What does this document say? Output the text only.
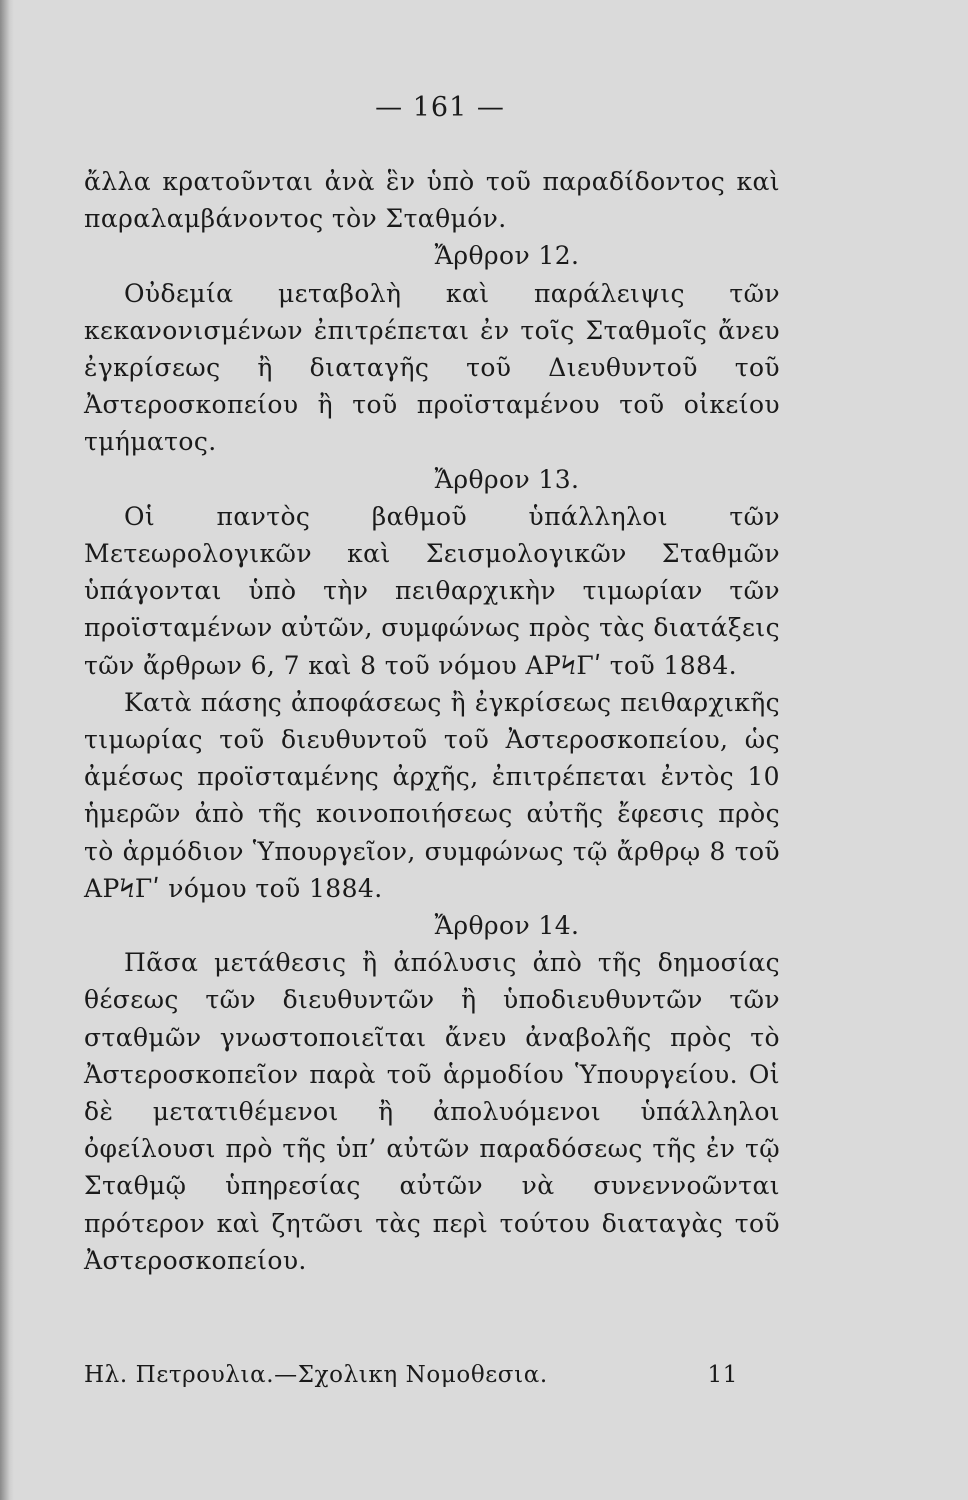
— 161 —

ἄλλα κρατοῦνται ἀνὰ ἓν ὑπὸ τοῦ παραδίδοντος καὶ παραλαμβάνοντος τὸν Σταθμόν.

Ἄρθρον 12.

Οὐδεμία μεταβολὴ καὶ παράλειψις τῶν κεκανονισμένων ἐπιτρέπεται ἐν τοῖς Σταθμοῖς ἄνευ ἐγκρίσεως ἢ διαταγῆς τοῦ Διευθυντοῦ τοῦ Ἀστεροσκοπείου ἢ τοῦ προϊσταμένου τοῦ οἰκείου τμήματος.

Ἄρθρον 13.

Οἱ παντὸς βαθμοῦ ὑπάλληλοι τῶν Μετεωρολογικῶν καὶ Σεισμολογικῶν Σταθμῶν ὑπάγονται ὑπὸ τὴν πειθαρχικὴν τιμωρίαν τῶν προϊσταμένων αὐτῶν, συμφώνως πρὸς τὰς διατάξεις τῶν ἄρθρων 6, 7 καὶ 8 τοῦ νόμου ΑΡϞΓʹ τοῦ 1884.

Κατὰ πάσης ἀποφάσεως ἢ ἐγκρίσεως πειθαρχικῆς τιμωρίας τοῦ διευθυντοῦ τοῦ Ἀστεροσκοπείου, ὡς ἀμέσως προϊσταμένης ἀρχῆς, ἐπιτρέπεται ἐντὸς 10 ἡμερῶν ἀπὸ τῆς κοινοποιήσεως αὐτῆς ἔφεσις πρὸς τὸ ἁρμόδιον Ὑπουργεῖον, συμφώνως τῷ ἄρθρῳ 8 τοῦ ΑΡϞΓʹ νόμου τοῦ 1884.

Ἄρθρον 14.

Πᾶσα μετάθεσις ἢ ἀπόλυσις ἀπὸ τῆς δημοσίας θέσεως τῶν διευθυντῶν ἢ ὑποδιευθυντῶν τῶν σταθμῶν γνωστοποιεῖται ἄνευ ἀναβολῆς πρὸς τὸ Ἀστεροσκοπεῖον παρὰ τοῦ ἁρμοδίου Ὑπουργείου. Οἱ δὲ μετατιθέμενοι ἢ ἀπολυόμενοι ὑπάλληλοι ὀφείλουσι πρὸ τῆς ὑπ’ αὐτῶν παραδόσεως τῆς ἐν τῷ Σταθμῷ ὑπηρεσίας αὐτῶν νὰ συνεννοῶνται πρότερον καὶ ζητῶσι τὰς περὶ τούτου διαταγὰς τοῦ Ἀστεροσκοπείου.

Ηλ. Πετρουλια.—Σχολικη Νομοθεσια.	11
